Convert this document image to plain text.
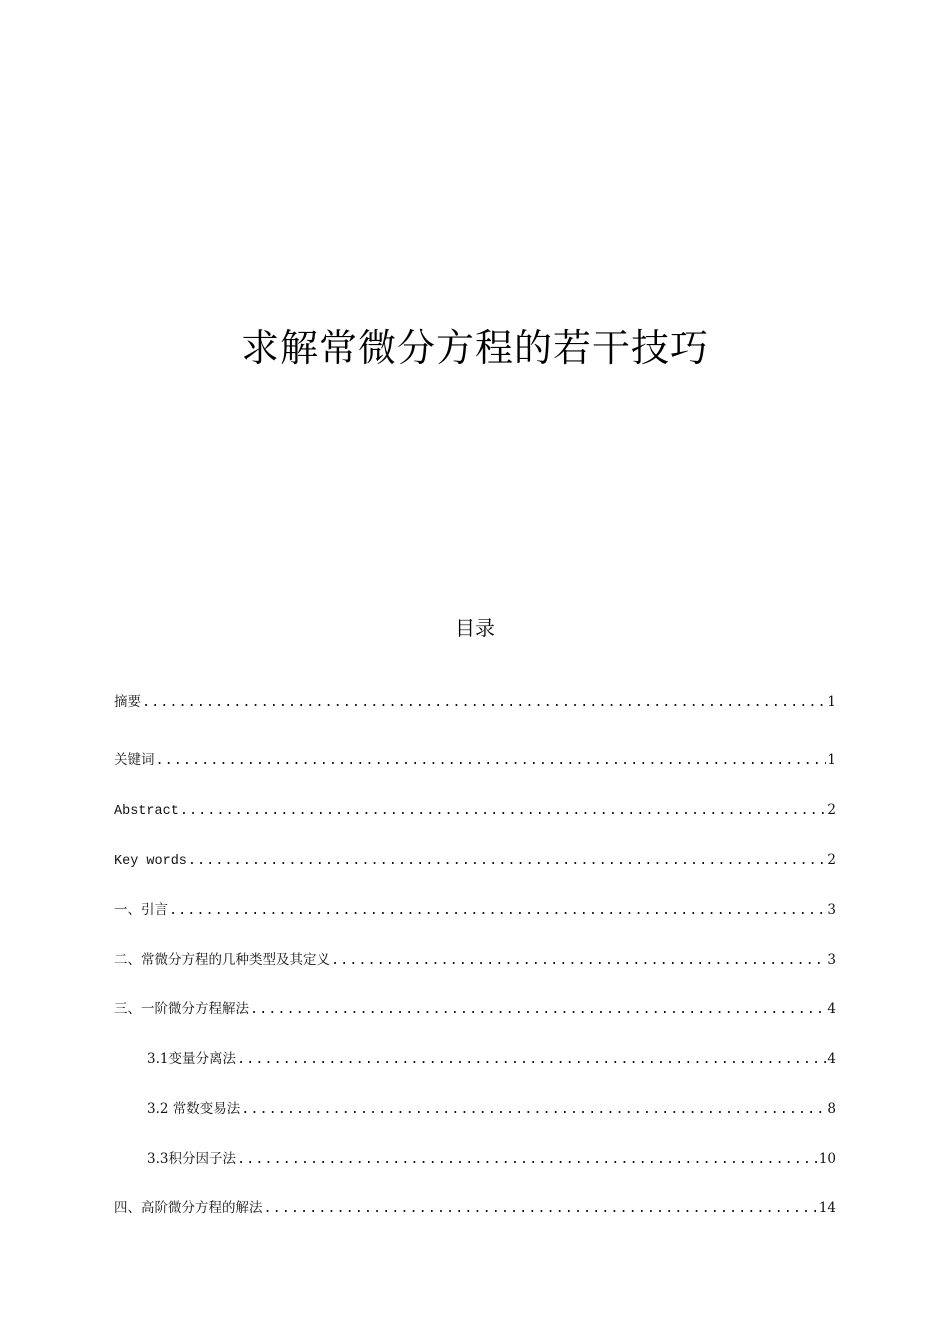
求解常微分方程的若干技巧
目录
摘要 .....	1
关键词 .....	1
Abstract .....	2
Key words .....	2
一、引言 .....	3
二、常微分方程的几种类型及其定义 .....	3
三、一阶微分方程解法 .....	4
3.1变量分离法 .....	4
3.2 常数变易法 .....	8
3.3积分因子法 .....	10
四、高阶微分方程的解法 .....	14
